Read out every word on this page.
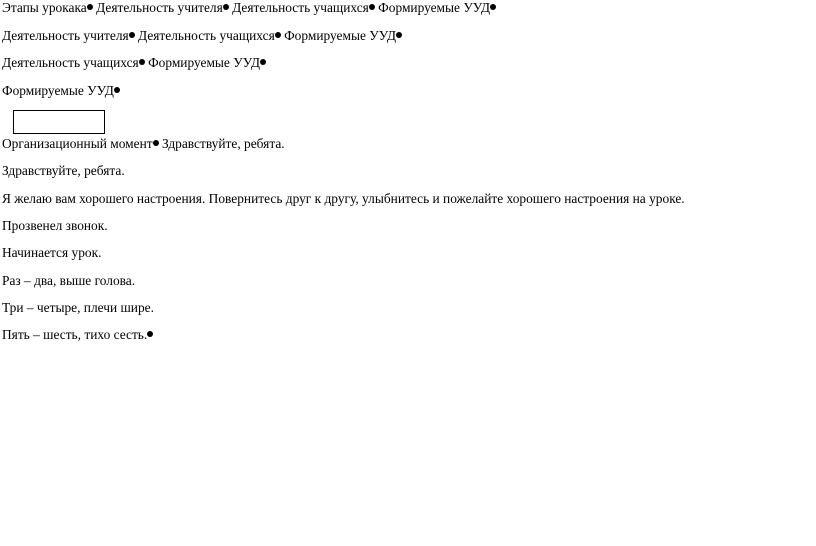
Этапы урокака Деятельность учителя Деятельность учащихся Формируемые УУД
Деятельность учителя Деятельность учащихся Формируемые УУД
Деятельность учащихся Формируемые УУД
Формируемые УУД
Организационный момент Здравствуйте, ребята.
Здравствуйте, ребята.
Я желаю вам хорошего настроения. Повернитесь друг к другу, улыбнитесь и пожелайте хорошего настроения на уроке.
Прозвенел звонок.
Начинается урок.
Раз – два, выше голова.
Три – четыре, плечи шире.
Пять – шесть, тихо сесть.
